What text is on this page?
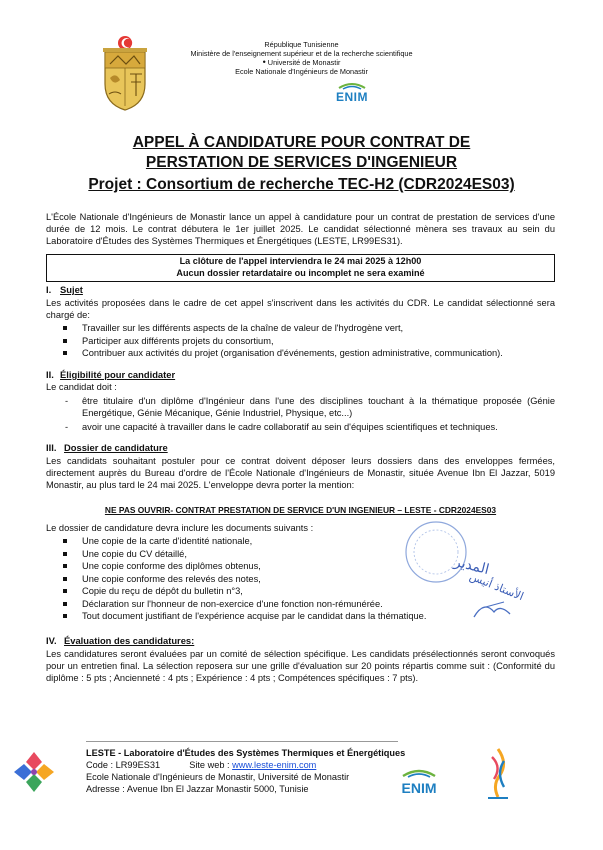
République Tunisienne
Ministère de l'enseignement supérieur et de la recherche scientifique
• Université de Monastir
Ecole Nationale d'Ingénieurs de Monastir
ENIM
APPEL À CANDIDATURE POUR CONTRAT DE
PERSTATION DE SERVICES D'INGENIEUR
Projet : Consortium de recherche TEC-H2 (CDR2024ES03)
L'École Nationale d'Ingénieurs de Monastir lance un appel à candidature pour un contrat de prestation de services d'une durée de 12 mois. Le contrat débutera le 1er juillet 2025. Le candidat sélectionné mènera ses travaux au sein du Laboratoire d'Études des Systèmes Thermiques et Énergétiques (LESTE, LR99ES31).
La clôture de l'appel interviendra le 24 mai 2025 à 12h00
Aucun dossier retardataire ou incomplet ne sera examiné
I. Sujet
Les activités proposées dans le cadre de cet appel s'inscrivent dans les activités du CDR. Le candidat sélectionné sera chargé de:
Travailler sur les différents aspects de la chaîne de valeur de l'hydrogène vert,
Participer aux différents projets du consortium,
Contribuer aux activités du projet (organisation d'événements, gestion administrative, communication).
II. Éligibilité pour candidater
Le candidat doit :
- être titulaire d'un diplôme d'Ingénieur dans l'une des disciplines touchant à la thématique proposée (Génie Energétique, Génie Mécanique, Génie Industriel, Physique, etc...)
- avoir une capacité à travailler dans le cadre collaboratif au sein d'équipes scientifiques et techniques.
III. Dossier de candidature
Les candidats souhaitant postuler pour ce contrat doivent déposer leurs dossiers dans des enveloppes fermées, directement auprès du Bureau d'ordre de l'École Nationale d'Ingénieurs de Monastir, située Avenue Ibn El Jazzar, 5019 Monastir, au plus tard le 24 mai 2025. L'enveloppe devra porter la mention:
NE PAS OUVRIR- CONTRAT PRESTATION DE SERVICE D'UN INGENIEUR – LESTE - CDR2024ES03
Le dossier de candidature devra inclure les documents suivants :
المدير
الأستاذ أنيس
Une copie de la carte d'identité nationale,
Une copie du CV détaillé,
Une copie conforme des diplômes obtenus,
Une copie conforme des relevés des notes,
Copie du reçu de dépôt du bulletin n°3,
Déclaration sur l'honneur de non-exercice d'une fonction non-rémunérée.
Tout document justifiant de l'expérience acquise par le candidat dans la thématique.
IV. Évaluation des candidatures:
Les candidatures seront évaluées par un comité de sélection spécifique. Les candidats présélectionnés seront convoqués pour un entretien final. La sélection reposera sur une grille d'évaluation sur 20 points répartis comme suit : (Conformité du diplôme : 5 pts ; Ancienneté : 4 pts ; Expérience : 4 pts ; Compétences spécifiques : 7 pts).
LESTE - Laboratoire d'Études des Systèmes Thermiques et Énergétiques
Code : LR99ES31	Site web : www.leste-enim.com
Ecole Nationale d'Ingénieurs de Monastir, Université de Monastir
Adresse : Avenue Ibn El Jazzar Monastir 5000, Tunisie	ENIM
